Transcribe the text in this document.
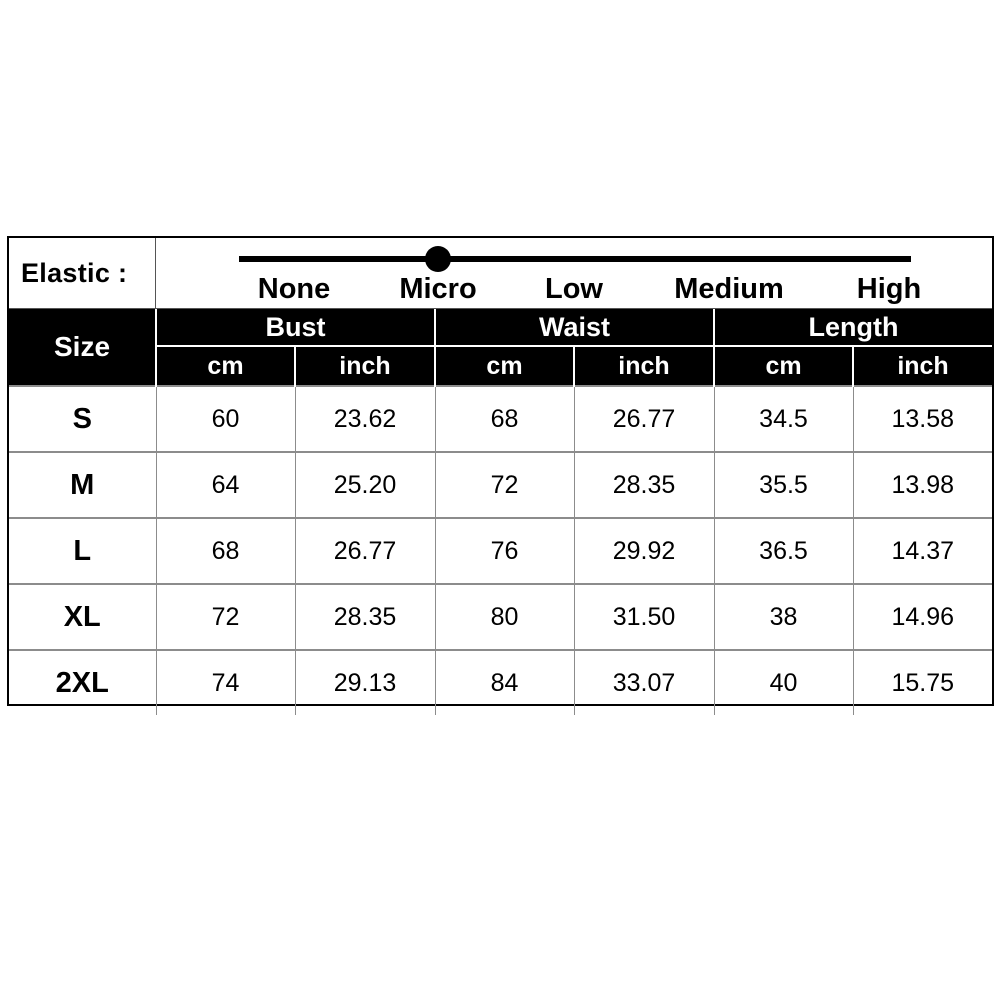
Elastic :	None Micro Low Medium	High
Size	Bust		Waist		Length	
	cm	inch	cm	inch	cm	inch
S	60	23.62	68	26.77	34.5	13.58
M	64	25.20	72	28.35	35.5	13.98
L	68	26.77	76	29.92	36.5	14.37
XL	72	28.35	80	31.50	38	14.96
2XL	74	29.13	84	33.07	40	15.75
